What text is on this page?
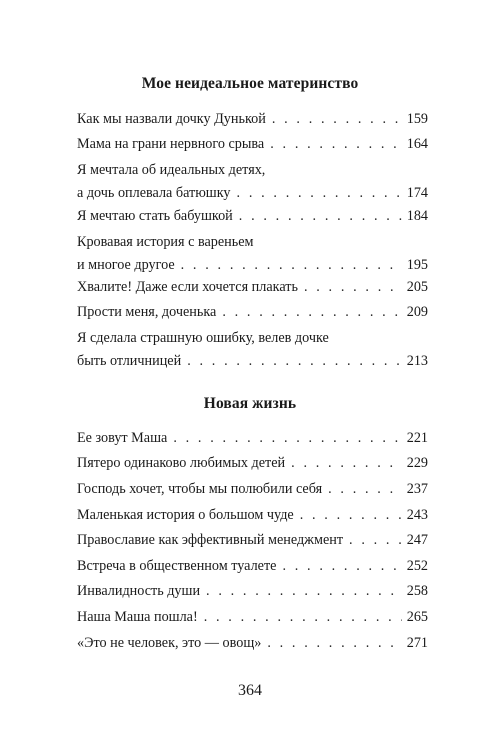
Мое неидеальное материнство
Как мы назвали дочку Дунькой . . .	159
Мама на грани нервного срыва . . .	164
Я мечтала об идеальных детях,
а дочь оплевала батюшку . . .	174
Я мечтаю стать бабушкой . . .	184
Кровавая история с вареньем
и многое другое . . .	195
Хвалите! Даже если хочется плакать . . .	205
Прости меня, доченька . . .	209
Я сделала страшную ошибку, велев дочке
быть отличницей . . .	213
Новая жизнь
Ее зовут Маша . . .	221
Пятеро одинаково любимых детей . . .	229
Господь хочет, чтобы мы полюбили себя . . .	237
Маленькая история о большом чуде . . .	243
Православие как эффективный менеджмент . . .	247
Встреча в общественном туалете . . .	252
Инвалидность души . . .	258
Наша Маша пошла! . . .	265
«Это не человек, это — овощ» . . .	271
364
